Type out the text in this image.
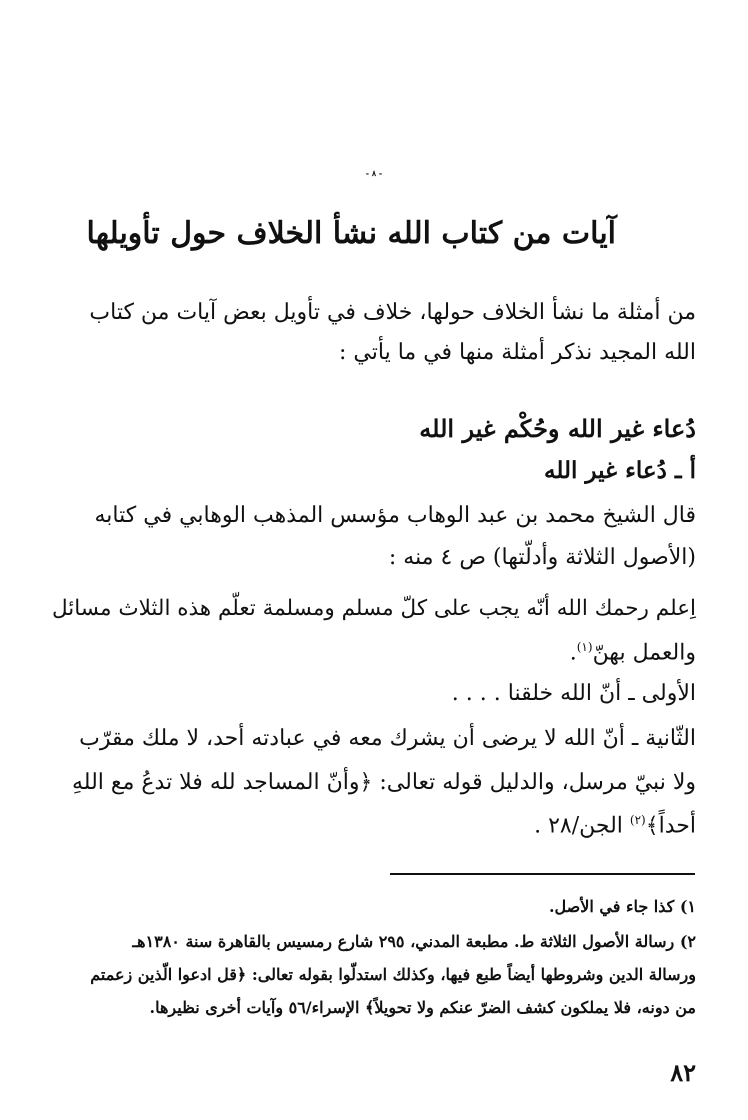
- ٨ -
آيات من كتاب الله نشأ الخلاف حول تأويلها
من أمثلة ما نشأ الخلاف حولها، خلاف في تأويل بعض آيات من كتاب
الله المجيد نذكر أمثلة منها في ما يأتي :
دُعاء غير الله وحُكْم غير الله
أ ـ دُعاء غير الله
قال الشيخ محمد بن عبد الوهاب مؤسس المذهب الوهابي في كتابه
(الأصول الثلاثة وأدلّتها) ص ٤ منه :
اِعلم رحمك الله أنّه يجب على كلّ مسلم ومسلمة تعلّم هذه الثلاث مسائل
والعمل بهنّ$^{(١)}$.
الأولى ـ أنّ الله خلقنا . . . .
الثّانية ـ أنّ الله لا يرضى أن يشرك معه في عبادته أحد، لا ملك مقرّب
ولا نبيّ مرسل، والدليل قوله تعالى: ﴿وأنّ المساجد لله فلا تدعُ مع اللهِ
أحداً﴾$^{(٢)}$ الجن/٢٨ .
١) كذا جاء في الأصل.
٢) رسالة الأصول الثلاثة ط. مطبعة المدني، ٢٩٥ شارع رمسيس بالقاهرة سنة ١٣٨٠هـ
ورسالة الدين وشروطها أيضاً طبع فيها، وكذلك استدلّوا بقوله تعالى: ﴿قل ادعوا الّذين زعمتم
من دونه، فلا يملكون كشف الضرّ عنكم ولا تحويلاً﴾ الإسراء/٥٦ وآيات أخرى نظيرها.
٨٢
